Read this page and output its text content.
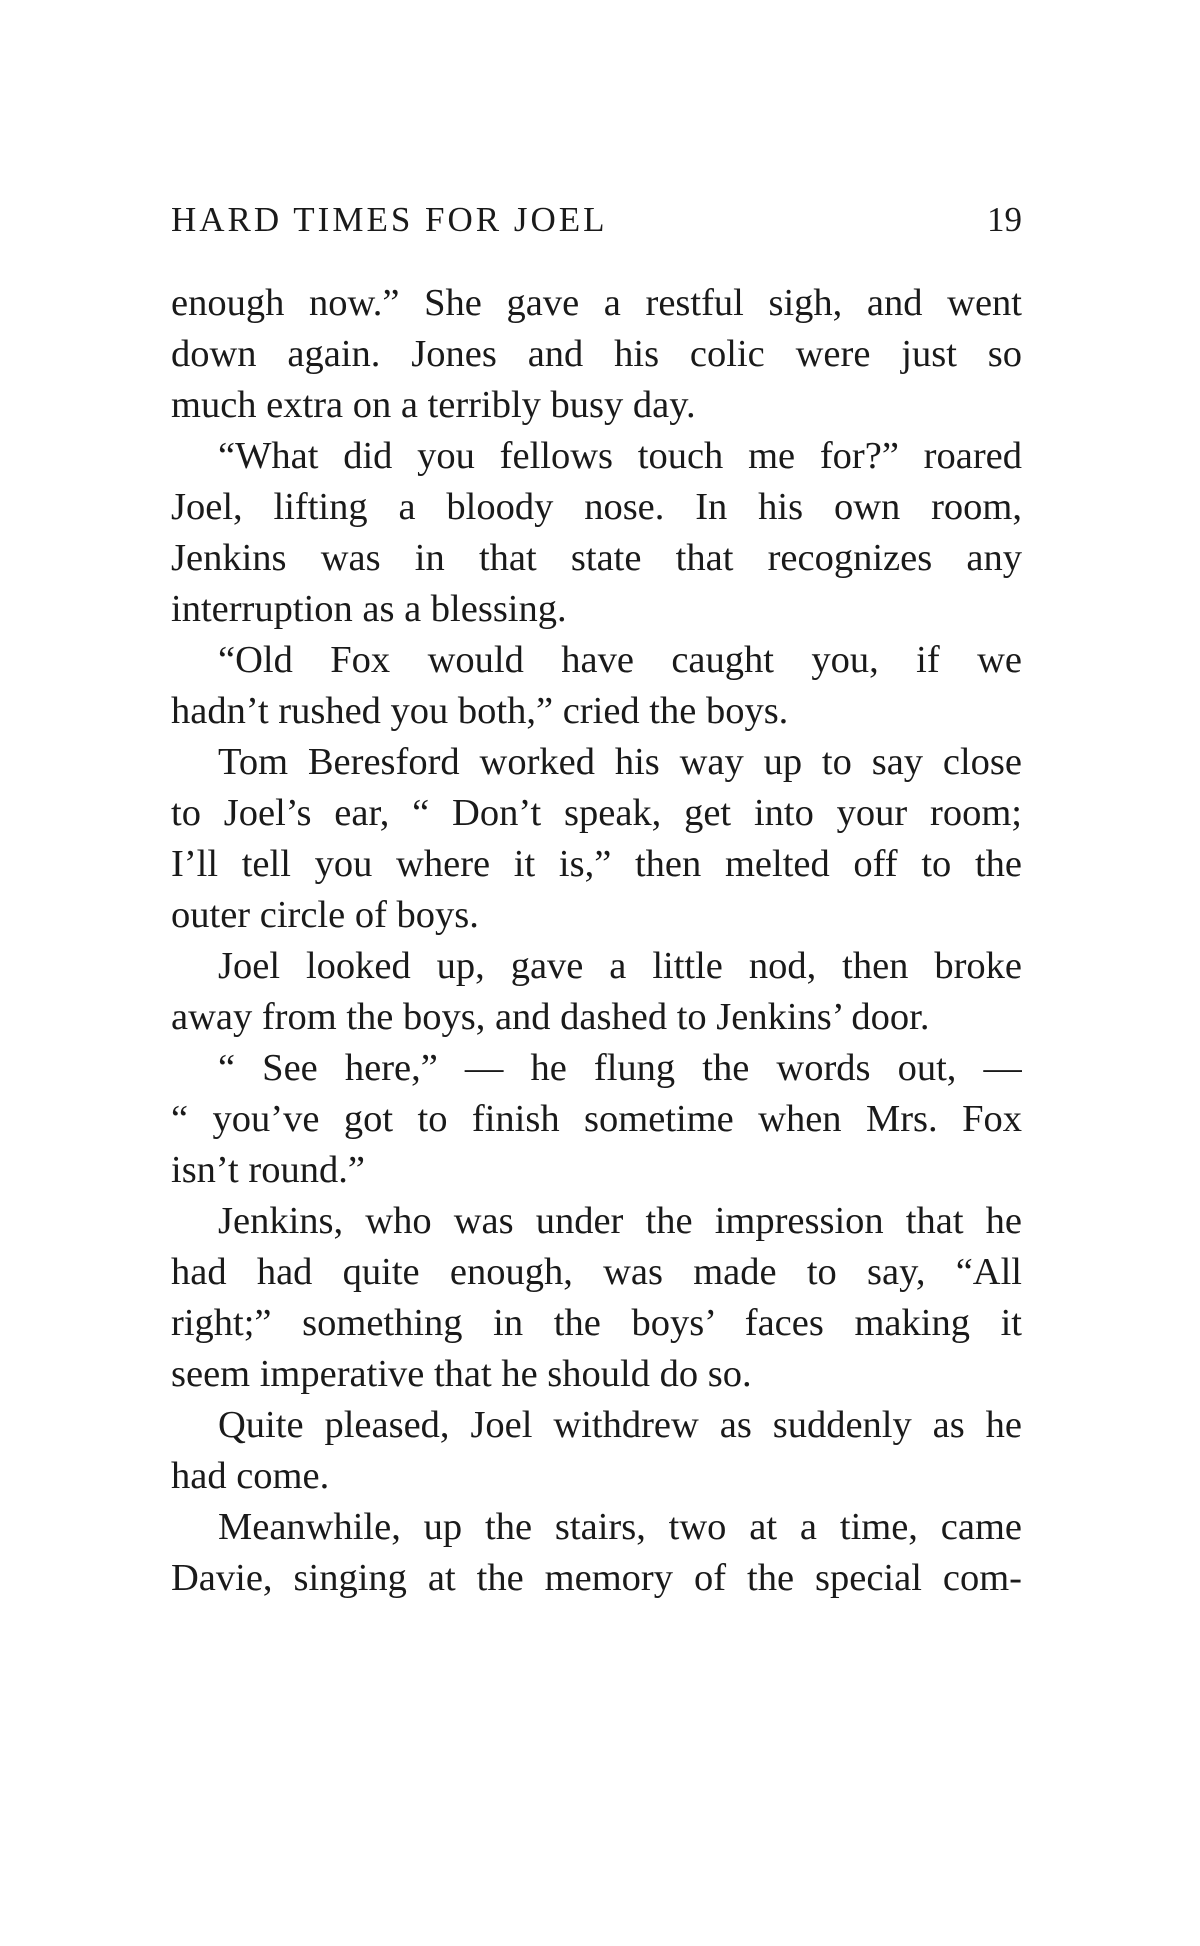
HARD TIMES FOR JOEL	19
enough now.” She gave a restful sigh, and went
down again. Jones and his colic were just so
much extra on a terribly busy day.
“What did you fellows touch me for?” roared
Joel, lifting a bloody nose. In his own room,
Jenkins was in that state that recognizes any
interruption as a blessing.
“Old Fox would have caught you, if we
hadn’t rushed you both,” cried the boys.
Tom Beresford worked his way up to say close
to Joel’s ear, “ Don’t speak, get into your room;
I’ll tell you where it is,” then melted off to the
outer circle of boys.
Joel looked up, gave a little nod, then broke
away from the boys, and dashed to Jenkins’ door.
“ See here,” — he flung the words out, —
“ you’ve got to finish sometime when Mrs. Fox
isn’t round.”
Jenkins, who was under the impression that he
had had quite enough, was made to say, “All
right;” something in the boys’ faces making it
seem imperative that he should do so.
Quite pleased, Joel withdrew as suddenly as he
had come.
Meanwhile, up the stairs, two at a time, came
Davie, singing at the memory of the special com-
